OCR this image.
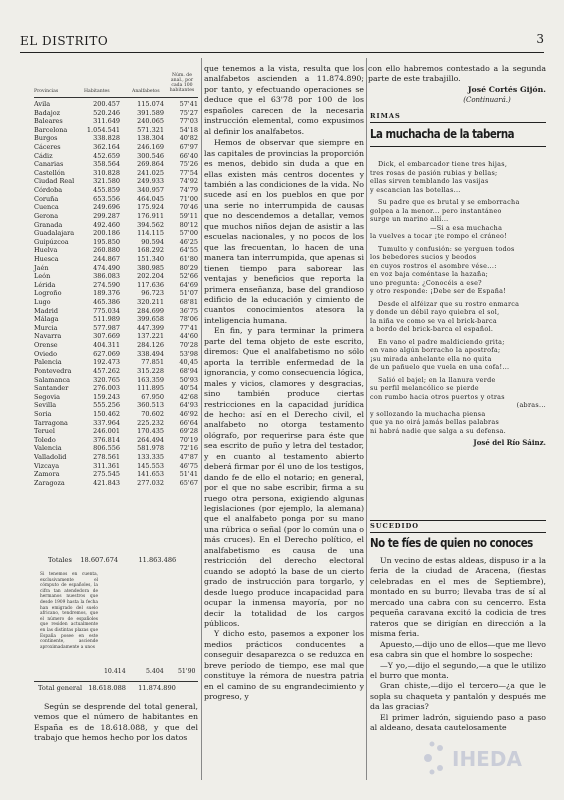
EL DISTRITO	3
Provincias	Habitantes	Analfabetos
Núm. de anal., por cada 100 habitantes
Avila	200.457	115.074	57'41
Badajoz	520.246	391.589	75'27
Baleares	311.649	240.065	77'03
Barcelona	1.054.541	571.321	54'18
Burgos	338.828	138.304	40'82
Cáceres	362.164	246.169	67'97
Cádiz	452.659	300.546	66'40
Canarias	358.564	269.864	75'26
Castellón	310.828	241.025	77'54
Ciudad Real	321.580	249.933	74'92
Córdoba	455.859	340.957	74'79
Coruña	653.556	464.045	71'00
Cuenca	249.696	175.924	70'46
Gerona	299.287	176.911	59'11
Granada	492.460	394.562	80'12
Guadalajara	200.186	114.115	57'00
Guipúzcoa	195.850	90.594	46'25
Huelva	260.880	168.292	64'55
Huesca	244.867	151.340	61'80
Jaén	474.490	380.985	80'29
León	386.083	202.204	52'66
Lérida	274.590	117.636	64'69
Logroño	189.376	96.723	51'07
Lugo	465.386	320.211	68'81
Madrid	775.034	284.699	36'75
Málaga	511.989	399.658	78'06
Murcia	577.987	447.399	77'41
Navarra	307.669	137.221	44'60
Orense	404.311	284.126	70'28
Oviedo	627.069	338.494	53'98
Palencia	192.473	77.851	40,45
Pontevedra	457.262	315.228	68'94
Salamanca	320.765	163.359	50'93
Santander	276.003	111.895	40'54
Segovia	159.243	67.950	42'68
Sevilla	555.256	360.513	64'93
Soria	150.462	70.602	46'92
Tarragona	337.964	225.232	66'64
Teruel	246.001	170.435	69'28
Toledo	376.814	264.494	70'19
Valencia	806.556	581.978	72'16
Valladolid	278.561	133.335	47'87
Vizcaya	311.361	145.553	46'75
Zamora	275.545	141.653	51'41
Zaragoza	421.843	277.032	65'67
Totales 18.607.674	11.863.486
Si tenemos en cuenta, exclusivamente el cómputo de españoles, la cifra tan atendedora de hermanos nuestros que desde 1909 hasta la fecha han emigrado del suelo africano, tendremos, que el número de españoles que residen actualmente en las distintas plazas que España posee en este continente, asciende aproximadamente a unos
10.414	5.404 51'90
Total general 18.618.088 11.874.890

Según se desprende del total general, vemos que el número de habitantes en España es de 18.618.088, y que del trabajo que hemos hecho por los datos

que tenemos a la vista, resulta que los analfabetos ascienden a 11.874.890; por tanto, y efectuando operaciones se deduce que el 63'78 por 100 de los españoles carecen de la necesaria instrucción elemental, como expusimos al definir los analfabetos.

Hemos de observar que siempre en las capitales de provincias la proporción es menos, debido sin duda a que en ellas existen más centros docentes y también a las condiciones de la vida. No sucede así en los pueblos en que por una serie no interrumpida de causas que no descendemos a detallar, vemos que muchos niños dejan de asistir a las escuelas nacionales, y no pocos de los que las frecuentan, lo hacen de una manera tan interrumpida, que apenas si tienen tiempo para saborear las ventajas y beneficios que reporta la primera enseñanza, base del grandioso edificio de la educación y cimiento de cuantos conocimientos atesora la inteligencia humana.

En fin, y para terminar la primera parte del tema objeto de este escrito, diremos: Que el analfabetismo no sólo aporta la terrible enfermedad de la ignorancia, y como consecuencia lógica, males y vicios, clamores y desgracias, sino también produce ciertas restricciones en la capacidad jurídica de hecho: así en el Derecho civil, el analfabeto no otorga testamento ológrafo, por requerirse para éste que sea escrito de puño y letra del testador, y en cuanto al testamento abierto deberá firmar por él uno de los testigos, dando fe de ello el notario; en general, por el que no sabe escribir, firma a su ruego otra persona, exigiendo algunas legislaciones (por ejemplo, la alemana) que el analfabeto ponga por su mano una rúbrica o señal (por lo común una o más cruces). En el Derecho político, el analfabetismo es causa de una restricción del derecho electoral cuando se adoptó la base de un cierto grado de instrucción para torgarlo, y desde luego produce incapacidad para ocupar la inmensa mayoría, por no decir la totalidad de los cargos públicos.

Y dicho esto, pasemos a exponer los medios prácticos conducentes a conseguir desaparezca o se reduzca en breve período de tiempo, ese mal que constituye la rémora de nuestra patria en el camino de su engrandecimiento y progreso, y

con ello habremos contestado a la segunda parte de este trabajillo.

José Cortés Gijón.

(Continuará.)

RIMAS
La muchacha de la taberna
Dick, el embarcador tiene tres hijas,
tres rosas de pasión rubias y bellas;
ellas sirven temblando las vasijas
y escancian las botellas...
Su padre que es brutal y se emborracha
golpea a la menor... pero instantáneo
surge un marino allí...
—Si a esa muchacha
la vuelves a tocar ¡te rompo el cráneo!
Tumulto y confusión: se yerguen todos
los bebedores sucios y beodos
en cuyos rostros el asombre vése...:
en voz baja coméntase la hazaña;
uno pregunta: ¿Conocéis a ese?
y otro responde: ¡Debe ser de España!
Desde el alféizar que su rostro enmarca
y donde un débil rayo quiebra el sol,
la niña ve como se va el brick-barca
a bordo del brick-barca el español.
En vano el padre maldiciendo grita;
en vano algún borracho la apostrofa;
¡su mirada anhelante ella no quita
de un pañuelo que vuela en una cofa!...
Salió el bajel; en la llanura verde
su perfil melancólico se pierde
con rumbo hacia otros puertos y otras
(abras...
y sollozando la muchacha piensa
que ya no oirá jamás bellas palabras
ni habrá nadie que salga a su defensa.
José del Río Sáinz.
SUCEDIDO
No te fíes de quien no conoces

Un vecino de estas aldeas, dispuso ir a la feria de la ciudad de Aracena, (fiestas celebradas en el mes de Septiembre), montado en su burro; llevaba tras de sí al mercado una cabra con su cencerro. Esta pequeña caravana excitó la codicia de tres rateros que se dirigían en dirección a la misma feria.

Apuesto,—dijo uno de ellos—que me llevo esa cabra sin que el hombre lo sospeche:

—Y yo,—dijo el segundo,—a que le utilizo el burro que monta.

Gran chiste,—dijo el tercero—¿a que le sopla su chaqueta y pantalón y después me da las gracias?

El primer ladrón, siguiendo paso a paso al aldeano, desata cautelosamente

IHEDA
